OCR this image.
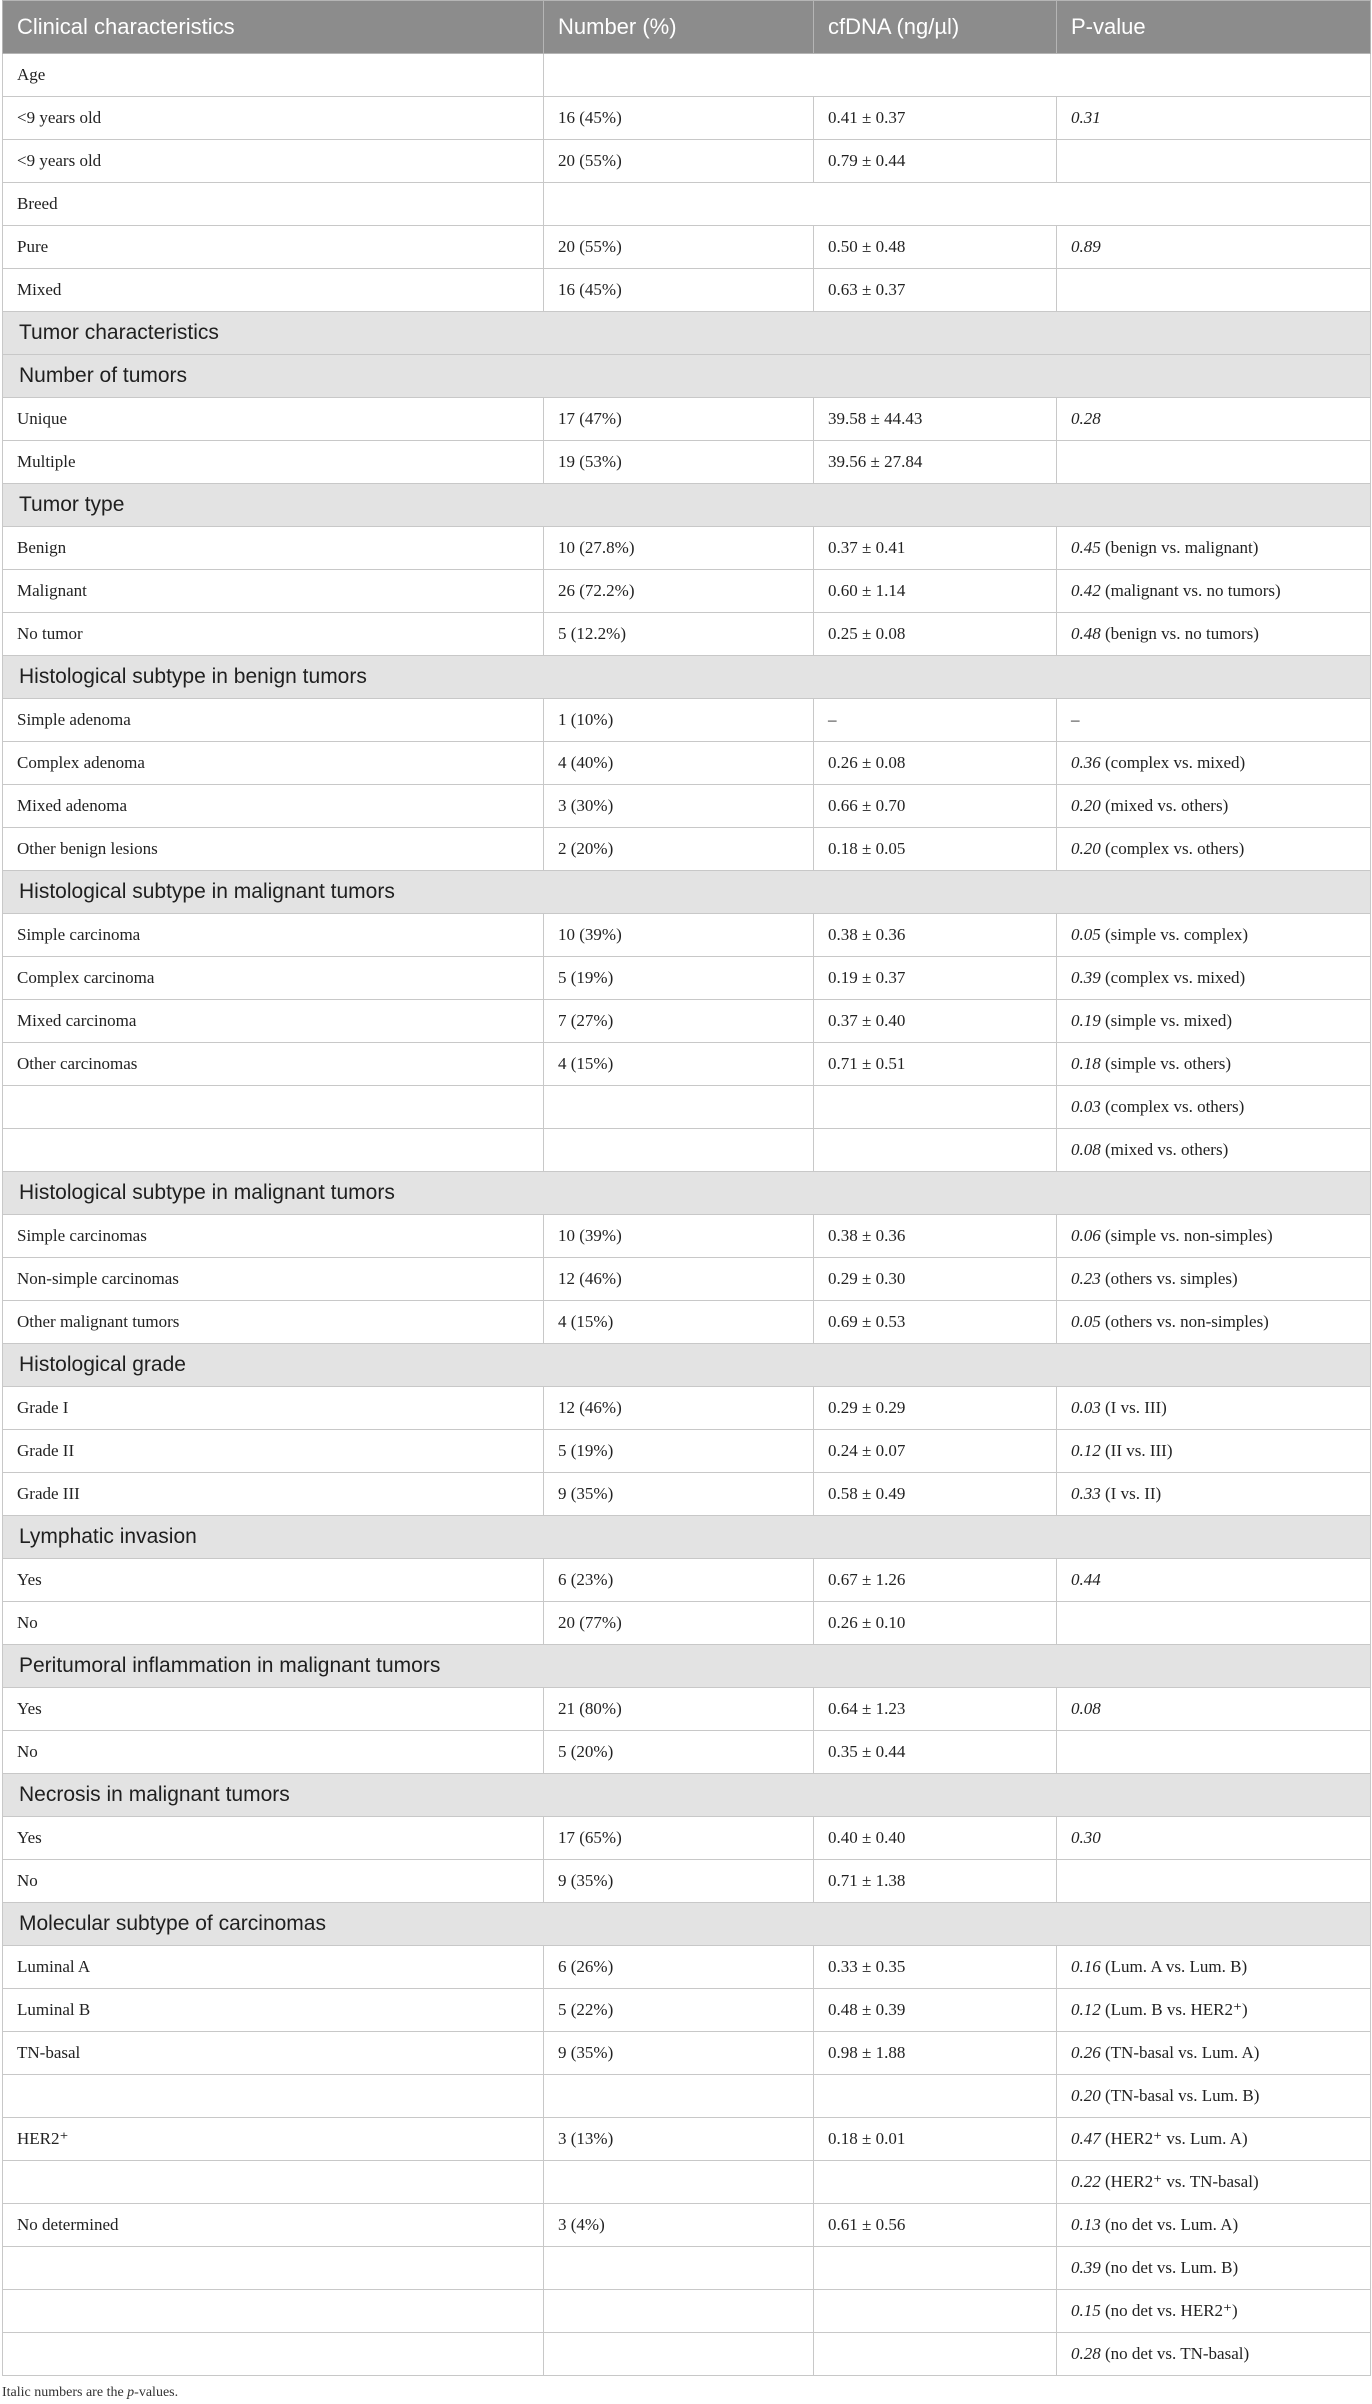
Clinical characteristics	Number (%)	cfDNA (ng/µl)	P-value
Age			
<9 years old	16 (45%)	0.41 ± 0.37	0.31
<9 years old	20 (55%)	0.79 ± 0.44	
Breed			
Pure	20 (55%)	0.50 ± 0.48	0.89
Mixed	16 (45%)	0.63 ± 0.37	
Tumor characteristics			
Number of tumors			
Unique	17 (47%)	39.58 ± 44.43	0.28
Multiple	19 (53%)	39.56 ± 27.84	
Tumor type			
Benign	10 (27.8%)	0.37 ± 0.41	0.45 (benign vs. malignant)
Malignant	26 (72.2%)	0.60 ± 1.14	0.42 (malignant vs. no tumors)
No tumor	5 (12.2%)	0.25 ± 0.08	0.48 (benign vs. no tumors)
Histological subtype in benign tumors			
Simple adenoma	1 (10%)	–	–
Complex adenoma	4 (40%)	0.26 ± 0.08	0.36 (complex vs. mixed)
Mixed adenoma	3 (30%)	0.66 ± 0.70	0.20 (mixed vs. others)
Other benign lesions	2 (20%)	0.18 ± 0.05	0.20 (complex vs. others)
Histological subtype in malignant tumors			
Simple carcinoma	10 (39%)	0.38 ± 0.36	0.05 (simple vs. complex)
Complex carcinoma	5 (19%)	0.19 ± 0.37	0.39 (complex vs. mixed)
Mixed carcinoma	7 (27%)	0.37 ± 0.40	0.19 (simple vs. mixed)
Other carcinomas	4 (15%)	0.71 ± 0.51	0.18 (simple vs. others)
			0.03 (complex vs. others)
			0.08 (mixed vs. others)
Histological subtype in malignant tumors			
Simple carcinomas	10 (39%)	0.38 ± 0.36	0.06 (simple vs. non-simples)
Non-simple carcinomas	12 (46%)	0.29 ± 0.30	0.23 (others vs. simples)
Other malignant tumors	4 (15%)	0.69 ± 0.53	0.05 (others vs. non-simples)
Histological grade			
Grade I	12 (46%)	0.29 ± 0.29	0.03 (I vs. III)
Grade II	5 (19%)	0.24 ± 0.07	0.12 (II vs. III)
Grade III	9 (35%)	0.58 ± 0.49	0.33 (I vs. II)
Lymphatic invasion			
Yes	6 (23%)	0.67 ± 1.26	0.44
No	20 (77%)	0.26 ± 0.10	
Peritumoral inflammation in malignant tumors			
Yes	21 (80%)	0.64 ± 1.23	0.08
No	5 (20%)	0.35 ± 0.44	
Necrosis in malignant tumors			
Yes	17 (65%)	0.40 ± 0.40	0.30
No	9 (35%)	0.71 ± 1.38	
Molecular subtype of carcinomas			
Luminal A	6 (26%)	0.33 ± 0.35	0.16 (Lum. A vs. Lum. B)
Luminal B	5 (22%)	0.48 ± 0.39	0.12 (Lum. B vs. HER2⁺)
TN-basal	9 (35%)	0.98 ± 1.88	0.26 (TN-basal vs. Lum. A)
			0.20 (TN-basal vs. Lum. B)
HER2⁺	3 (13%)	0.18 ± 0.01	0.47 (HER2⁺ vs. Lum. A)
			0.22 (HER2⁺ vs. TN-basal)
No determined	3 (4%)	0.61 ± 0.56	0.13 (no det vs. Lum. A)
			0.39 (no det vs. Lum. B)
			0.15 (no det vs. HER2⁺)
			0.28 (no det vs. TN-basal)
Italic numbers are the p-values.
